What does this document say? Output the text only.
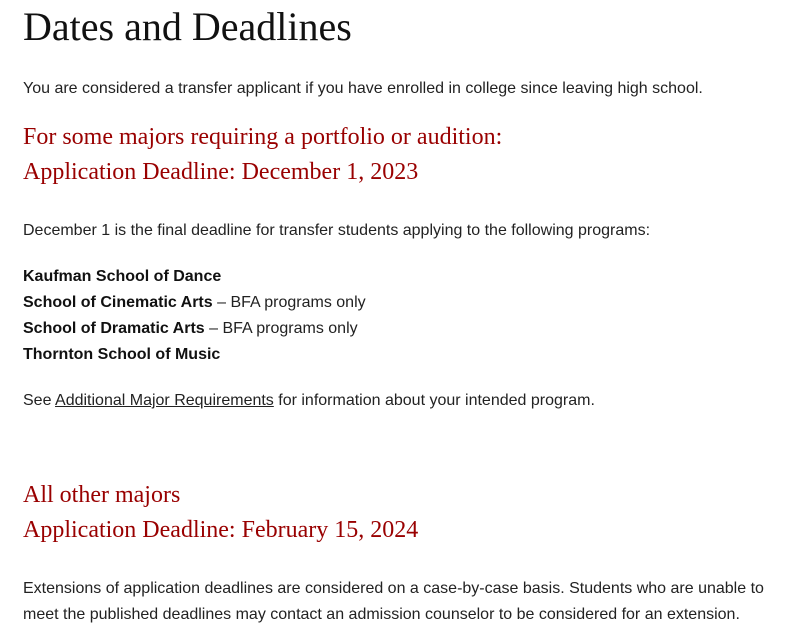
Dates and Deadlines

You are considered a transfer applicant if you have enrolled in college since leaving high school.

For some majors requiring a portfolio or audition:
Application Deadline: December 1, 2023

December 1 is the final deadline for transfer students applying to the following programs:

Kaufman School of Dance
School of Cinematic Arts – BFA programs only
School of Dramatic Arts – BFA programs only
Thornton School of Music

See Additional Major Requirements for information about your intended program.

All other majors
Application Deadline: February 15, 2024

Extensions of application deadlines are considered on a case-by-case basis. Students who are unable to meet the published deadlines may contact an admission counselor to be considered for an extension.
